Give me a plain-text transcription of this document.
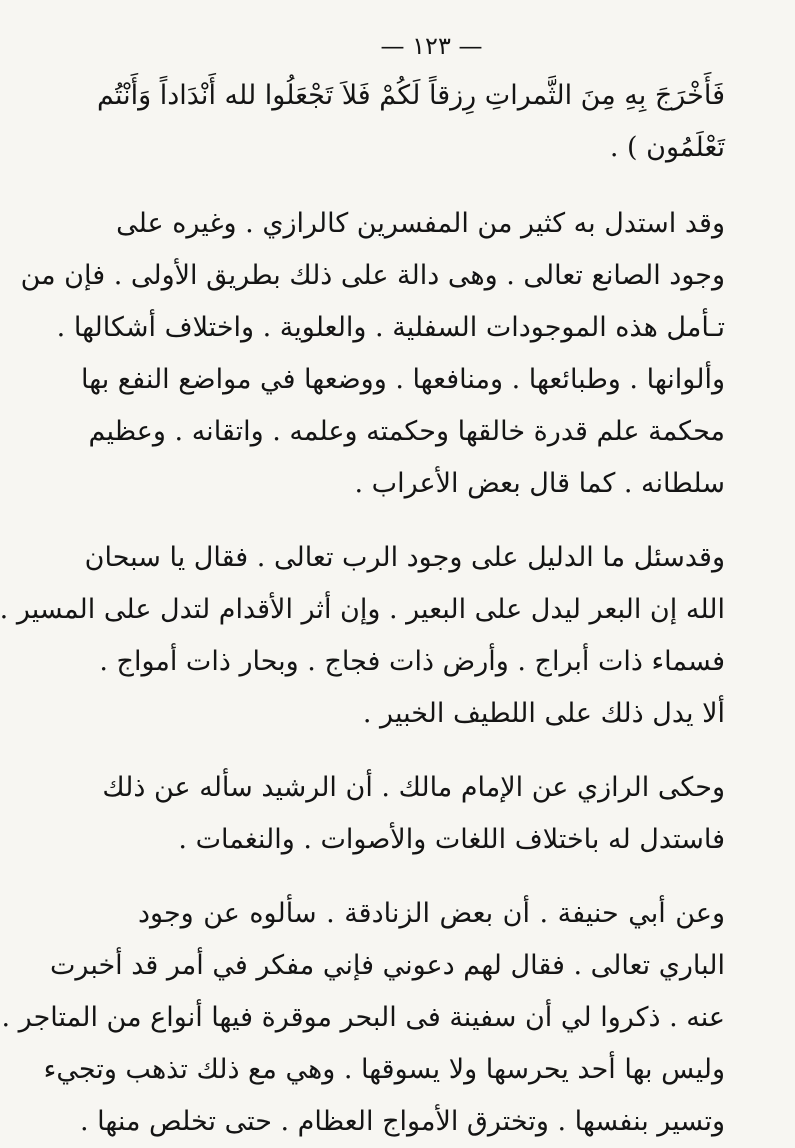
— ١٢٣ —
فَأَخْرَجَ بِهِ مِنَ الثَّمراتِ رِزقاً لَكُمْ فَلاَ تَجْعَلُوا لله أَنْدَاداً وَأَنْتُم
تَعْلَمُون ) .
وقد استدل به كثير من المفسرين كالرازي . وغيره على
وجود الصانع تعالى . وهى دالة على ذلك بطريق الأولى . فإن من
تـأمل هذه الموجودات السفلية . والعلوية . واختلاف أشكالها .
وألوانها . وطبائعها . ومنافعها . ووضعها في مواضع النفع بها
محكمة علم قدرة خالقها وحكمته وعلمه . واتقانه . وعظيم
سلطانه . كما قال بعض الأعراب .
وقدسئل ما الدليل على وجود الرب تعالى . فقال يا سبحان
الله إن البعر ليدل على البعير . وإن أثر الأقدام لتدل على المسير .
فسماء ذات أبراج . وأرض ذات فجاج . وبحار ذات أمواج .
ألا يدل ذلك على اللطيف الخبير .
وحكى الرازي عن الإمام مالك . أن الرشيد سأله عن ذلك
فاستدل له باختلاف اللغات والأصوات . والنغمات .
وعن أبي حنيفة . أن بعض الزنادقة . سألوه عن وجود
الباري تعالى . فقال لهم دعوني فإني مفكر في أمر قد أخبرت
عنه . ذكروا لي أن سفينة فى البحر موقرة فيها أنواع من المتاجر .
وليس بها أحد يحرسها ولا يسوقها . وهي مع ذلك تذهب وتجيء
وتسير بنفسها . وتخترق الأمواج العظام . حتى تخلص منها .
